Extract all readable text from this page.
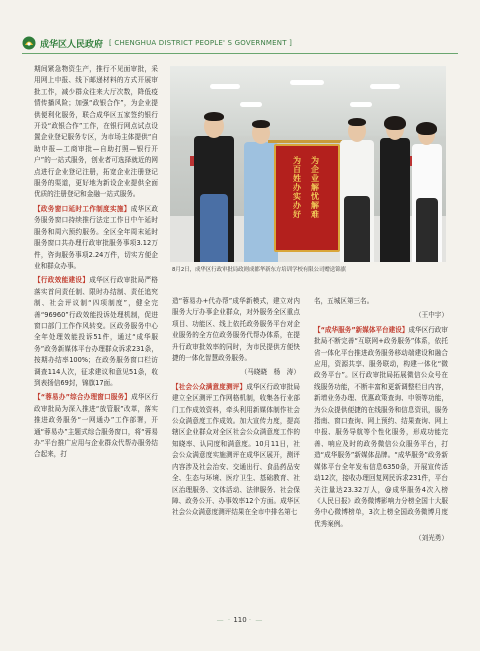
成华区人民政府 [ CHENGHUA DISTRICT PEOPLE' S GOVERNMENT ]

期间紧急物资生产，推行不见面审批，采用网上申报、线下邮递材料的方式开展审批工作，减少群众往来大厅次数，降低疫情传播风险；加强“政银合作”，为企业提供便利化服务，联合成华区五家签约银行开设“政银合作”工作，在银行网点试点设置企业登记服务专区，为市场主体提供“自助申报—工商审批—自助打照—银行开户”的一站式服务，创业者可选择就近的网点进行企业登记注册，拓宽企业注册登记服务的渠道，更好地为新设企业提供全面优质的注册登记和金融一站式服务。

【政务窗口延时工作制度实施】成华区政务服务窗口持续推行法定工作日中午延时服务和周六预约服务。全区全年周末延时服务窗口共办理行政审批服务事项3.12万件，咨询服务事项2.24万件，切实方便企业和群众办事。

【行政效能建设】成华区行政审批局严格落实首问责任制、限时办结制、责任追究制、社会评议制“四项制度”，健全完善“96960”行政效能投诉处理机制，促进窗口部门工作作风转变。区政务服务中心全年处理效能投诉51件，通过“成华服务”政务新媒体平台办理群众诉求231条，按期办结率100%；在政务服务窗口栏访调查114人次，征求建议和意见51条，收到表扬信69封，锦旗17面。

【“蓉易办”综合办理窗口服务】成华区行政审批局为深入推进“放管服”改革，落实推进政务服务“一网通办”工作部署，开通“蓉易办”主题式综合服务窗口，将“蓉易办”平台推广应用与企业群众代帮办服务结合起来，打

为企业解忧解难
为百姓办实办好
8月2日，成华区行政审批局政则成都华新东方培训学校有限公司赠送锦旗

造“蓉易办+代办帮”成华新模式，建立对内服务大厅办事企业群众，对外服务全区重点项目、功能区、线上依托政务服务平台对企业服务的全方位政务服务代帮办体系，在提升行政审批效率的同时，为市民提供方便快捷的一体化智慧政务服务。

（马晓晓　杨　涛）

【社会公众满意度测评】成华区行政审批局建立全区测评工作网格机制，收集各行业部门工作成效资料，牵头利用新媒体制作社会公众满意度工作成效。加大宣传力度，提高辖区企业群众对全区社会公众满意度工作的知晓率、认同度和满意度。10月11日，社会公众满意度实施测评在成华区展开，测评内容涉及社会治安、交通出行、食品药品安全、生态与环境、医疗卫生、基础教育、社区治理服务、文体活动、法律服务、社会保障、政务公开、办事效率12个方面。成华区社会公众满意度测评结果在全市中排名第七

名，五城区第三名。

（王中宇）

【“成华服务”新媒体平台建设】成华区行政审批局不断完善“互联网+政务服务”体系，依托省一体化平台推进政务服务移动端建设和融合应用，资源共享、服务联动，构建一体化“微政务平台”。区行政审批局拓展微信公众号在线服务功能，不断丰富和更新调整栏目内容，新增业务办理、优惠政策查询、申领等功能，为公众提供便捷的在线服务和信息资讯，服务指南、窗口查询、网上预约、结果查询、网上申报、服务导航等个性化服务，形成功能完善、响应及时的政务微信公众服务平台，打造“成华服务”新媒体品牌。“成华服务”政务新媒体平台全年发布信息6350条，开展宣传活动12次，接收办理回复网民诉求231件，平台关注量达23.32万人，@成华服务4次入榜《人民日报》政务微博影响力分榜全国十大服务中心微博榜单，3次上榜全国政务微博月度优秀案例。

（刘光勇）

— · 110 · —
